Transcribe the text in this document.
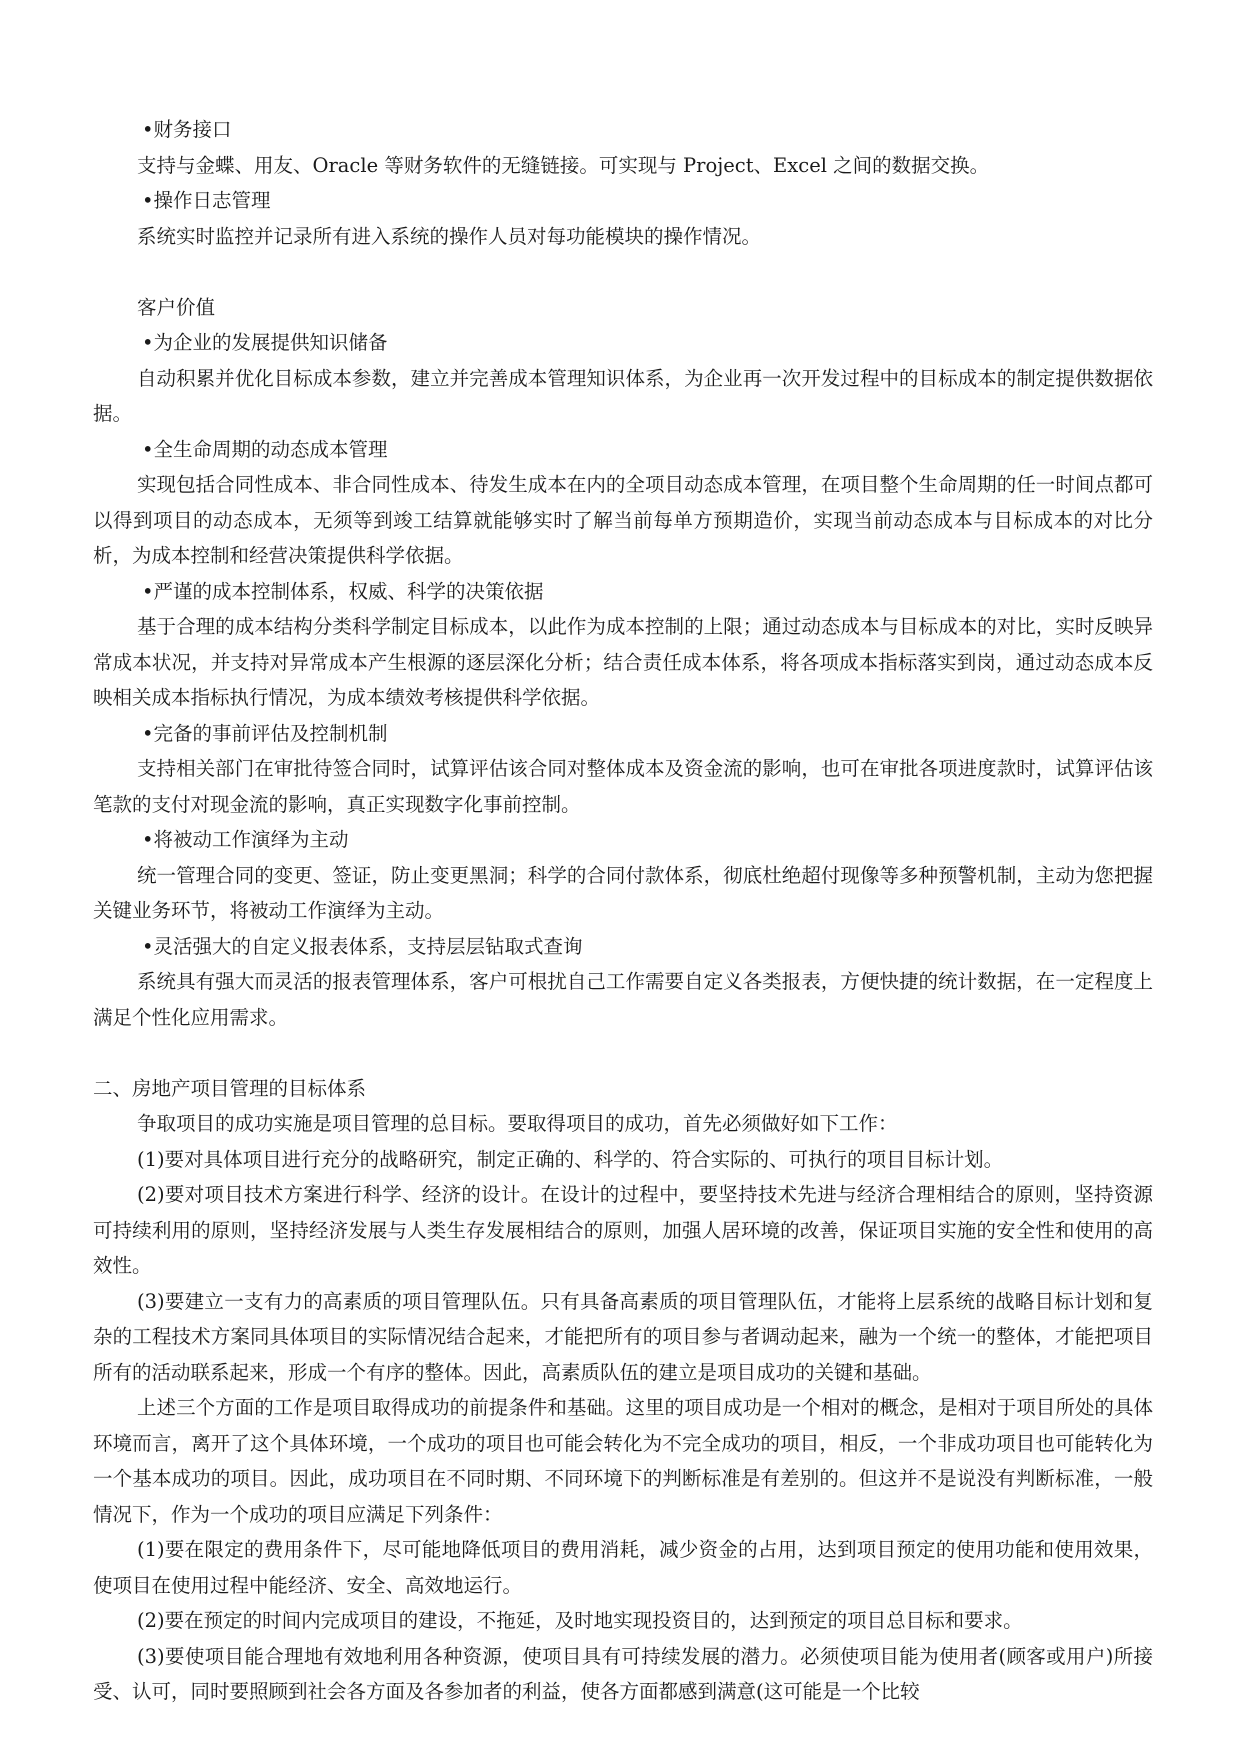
•财务接口

支持与金蝶、用友、Oracle 等财务软件的无缝链接。可实现与 Project、Excel 之间的数据交换。

•操作日志管理

系统实时监控并记录所有进入系统的操作人员对每功能模块的操作情况。

客户价值

•为企业的发展提供知识储备

自动积累并优化目标成本参数，建立并完善成本管理知识体系，为企业再一次开发过程中的目标成本的制定提供数据依据。

•全生命周期的动态成本管理

实现包括合同性成本、非合同性成本、待发生成本在内的全项目动态成本管理，在项目整个生命周期的任一时间点都可以得到项目的动态成本，无须等到竣工结算就能够实时了解当前每单方预期造价，实现当前动态成本与目标成本的对比分析，为成本控制和经营决策提供科学依据。

•严谨的成本控制体系，权威、科学的决策依据

基于合理的成本结构分类科学制定目标成本，以此作为成本控制的上限；通过动态成本与目标成本的对比，实时反映异常成本状况，并支持对异常成本产生根源的逐层深化分析；结合责任成本体系，将各项成本指标落实到岗，通过动态成本反映相关成本指标执行情况，为成本绩效考核提供科学依据。

•完备的事前评估及控制机制

支持相关部门在审批待签合同时，试算评估该合同对整体成本及资金流的影响，也可在审批各项进度款时，试算评估该笔款的支付对现金流的影响，真正实现数字化事前控制。

•将被动工作演绎为主动

统一管理合同的变更、签证，防止变更黑洞；科学的合同付款体系，彻底杜绝超付现像等多种预警机制，主动为您把握关键业务环节，将被动工作演绎为主动。

•灵活强大的自定义报表体系，支持层层钻取式查询

系统具有强大而灵活的报表管理体系，客户可根扰自己工作需要自定义各类报表，方便快捷的统计数据，在一定程度上满足个性化应用需求。

二、房地产项目管理的目标体系

争取项目的成功实施是项目管理的总目标。要取得项目的成功，首先必须做好如下工作：

(1)要对具体项目进行充分的战略研究，制定正确的、科学的、符合实际的、可执行的项目目标计划。

(2)要对项目技术方案进行科学、经济的设计。在设计的过程中，要坚持技术先进与经济合理相结合的原则，坚持资源可持续利用的原则，坚持经济发展与人类生存发展相结合的原则，加强人居环境的改善，保证项目实施的安全性和使用的高效性。

(3)要建立一支有力的高素质的项目管理队伍。只有具备高素质的项目管理队伍，才能将上层系统的战略目标计划和复杂的工程技术方案同具体项目的实际情况结合起来，才能把所有的项目参与者调动起来，融为一个统一的整体，才能把项目所有的活动联系起来，形成一个有序的整体。因此，高素质队伍的建立是项目成功的关键和基础。

上述三个方面的工作是项目取得成功的前提条件和基础。这里的项目成功是一个相对的概念，是相对于项目所处的具体环境而言，离开了这个具体环境，一个成功的项目也可能会转化为不完全成功的项目，相反，一个非成功项目也可能转化为一个基本成功的项目。因此，成功项目在不同时期、不同环境下的判断标准是有差别的。但这并不是说没有判断标准，一般情况下，作为一个成功的项目应满足下列条件：

(1)要在限定的费用条件下，尽可能地降低项目的费用消耗，减少资金的占用，达到项目预定的使用功能和使用效果，使项目在使用过程中能经济、安全、高效地运行。

(2)要在预定的时间内完成项目的建设，不拖延，及时地实现投资目的，达到预定的项目总目标和要求。

(3)要使项目能合理地有效地利用各种资源，使项目具有可持续发展的潜力。必须使项目能为使用者(顾客或用户)所接受、认可，同时要照顾到社会各方面及各参加者的利益，使各方面都感到满意(这可能是一个比较
